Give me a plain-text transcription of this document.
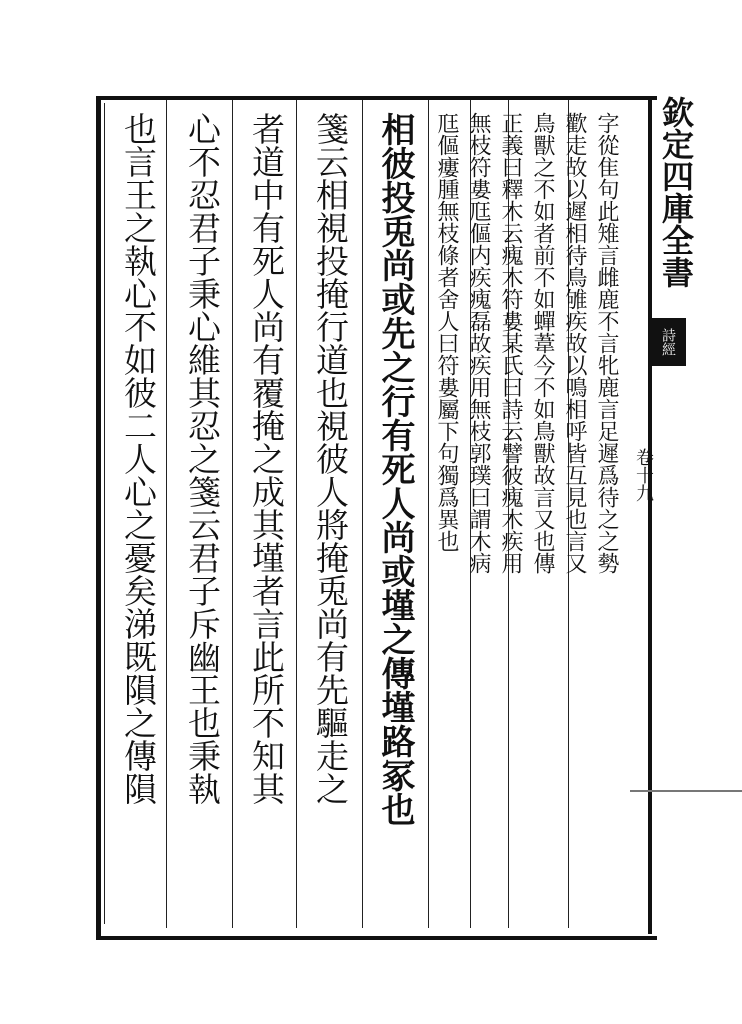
欽定四庫全書
詩經
卷十九
字從隹句此雉言雌鹿不言牝鹿言足遲爲待之之勢
歡走故以遲相待鳥雊疾故以鳴相呼皆互見也言又
鳥獸之不如者前不如蟬葦今不如鳥獸故言又也傳
正義曰釋木云瘣木符婁某氏曰詩云譬彼瘣木疾用
無枝符婁尫傴内疾瘣磊故疾用無枝郭璞曰謂木病
尫傴瘻腫無枝條者舍人曰符婁屬下句獨爲異也
相彼投兎尚或先之行有死人尚或墐之傳墐路冢也
箋云相視投掩行道也視彼人將掩兎尚有先驅走之
者道中有死人尚有覆掩之成其墐者言此所不知其
心不忍君子秉心維其忍之箋云君子斥幽王也秉執
也言王之執心不如彼二人心之憂矣涕既隕之傳隕
